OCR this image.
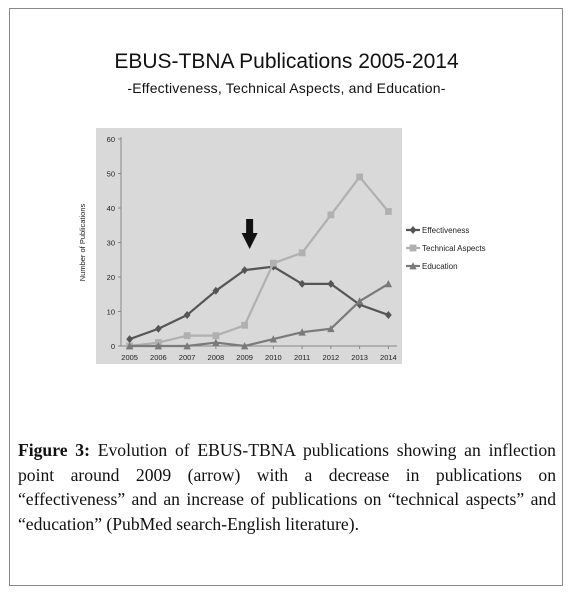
EBUS-TBNA Publications 2005-2014
-Effectiveness, Technical Aspects, and Education-
0
10
20
30
40
50
60
2005 2006 2007 2008 2009 2010 2011 2012 2013 2014
Number of Publications	Effectiveness
Technical Aspects
Education
Figure 3: Evolution of EBUS-TBNA publications showing an inflection point around 2009 (arrow) with a decrease in publications on “effectiveness” and an increase of publications on “technical aspects” and “education” (PubMed search-English literature).
